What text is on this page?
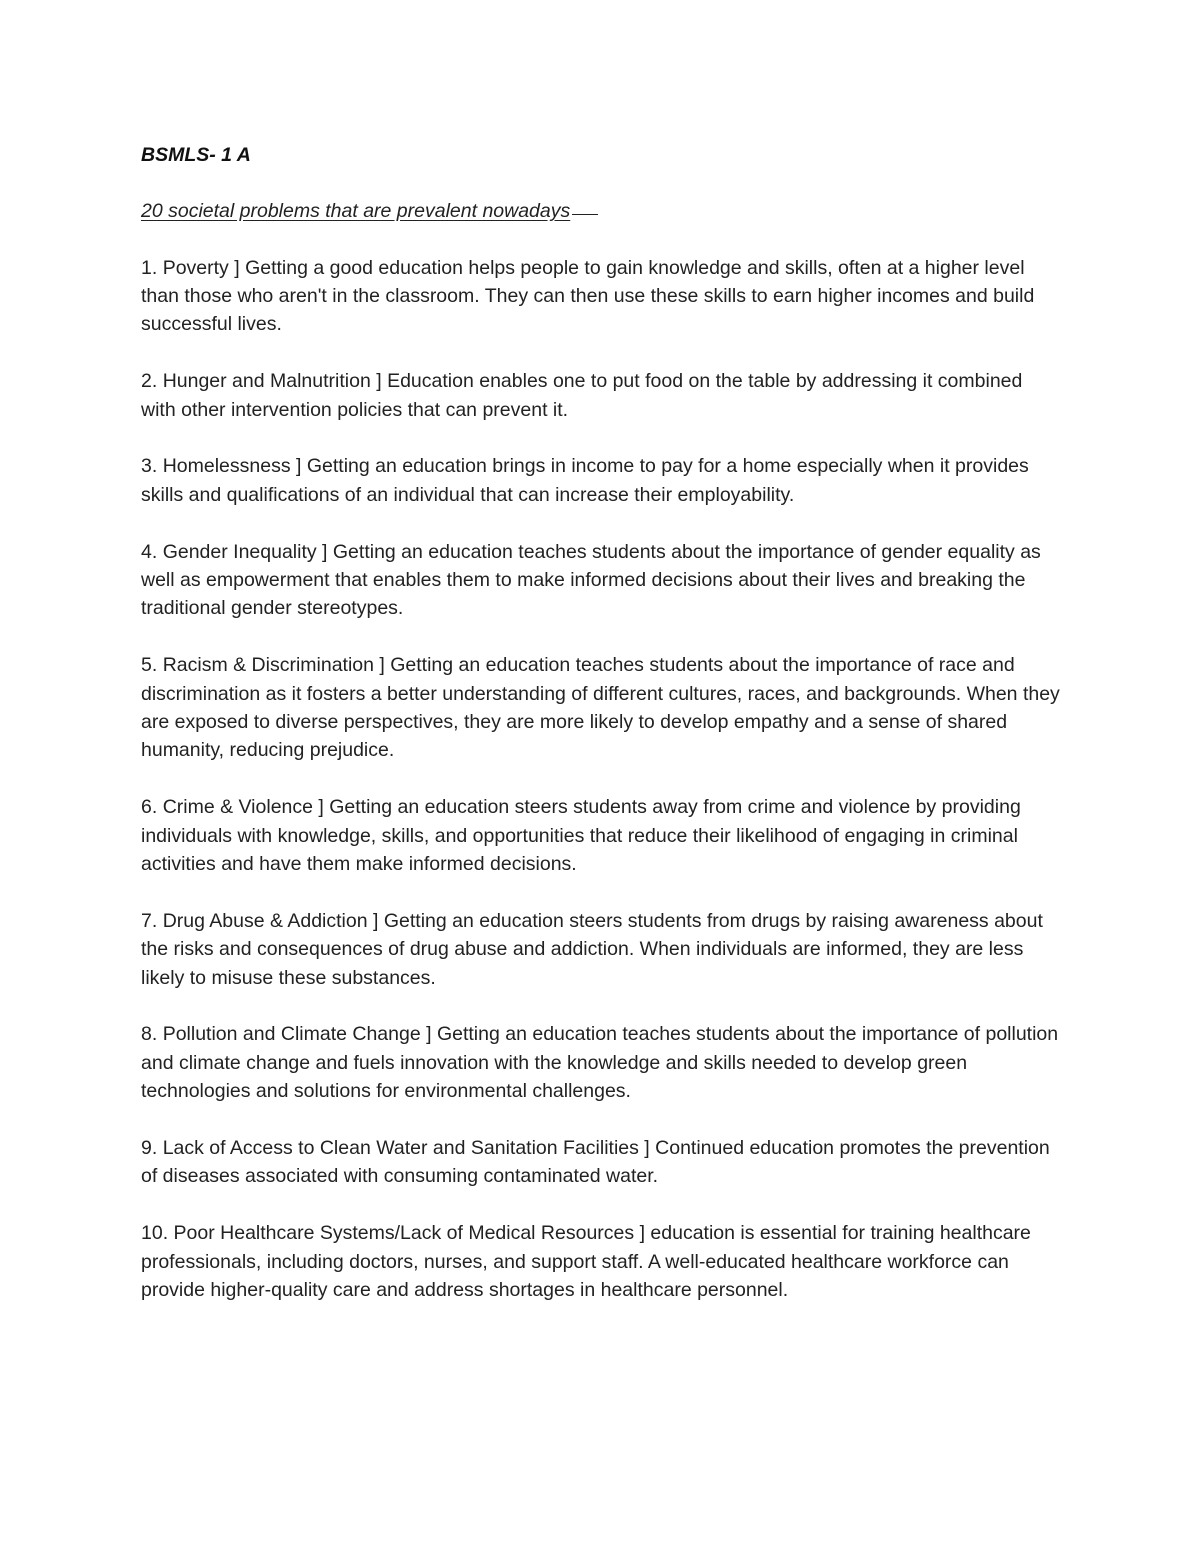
BSMLS- 1 A

20 societal problems that are prevalent nowadays

1. Poverty ] Getting a good education helps people to gain knowledge and skills, often at a higher level than those who aren't in the classroom. They can then use these skills to earn higher incomes and build successful lives.
2. Hunger and Malnutrition ] Education enables one to put food on the table by addressing it combined with other intervention policies that can prevent it.
3. Homelessness ] Getting an education brings in income to pay for a home especially when it provides skills and qualifications of an individual that can increase their employability.
4. Gender Inequality ] Getting an education teaches students about the importance of gender equality as well as empowerment that enables them to make informed decisions about their lives and breaking the traditional gender stereotypes.
5. Racism & Discrimination ] Getting an education teaches students about the importance of race and discrimination as it fosters a better understanding of different cultures, races, and backgrounds. When they are exposed to diverse perspectives, they are more likely to develop empathy and a sense of shared humanity, reducing prejudice.
6. Crime & Violence ] Getting an education steers students away from crime and violence by providing individuals with knowledge, skills, and opportunities that reduce their likelihood of engaging in criminal activities and have them make informed decisions.
7. Drug Abuse & Addiction ] Getting an education steers students from drugs by raising awareness about the risks and consequences of drug abuse and addiction. When individuals are informed, they are less likely to misuse these substances.
8. Pollution and Climate Change ] Getting an education teaches students about the importance of pollution and climate change and fuels innovation with the knowledge and skills needed to develop green technologies and solutions for environmental challenges.
9. Lack of Access to Clean Water and Sanitation Facilities ] Continued education promotes the prevention of diseases associated with consuming contaminated water.
10. Poor Healthcare Systems/Lack of Medical Resources ] education is essential for training healthcare professionals, including doctors, nurses, and support staff. A well-educated healthcare workforce can provide higher-quality care and address shortages in healthcare personnel.
